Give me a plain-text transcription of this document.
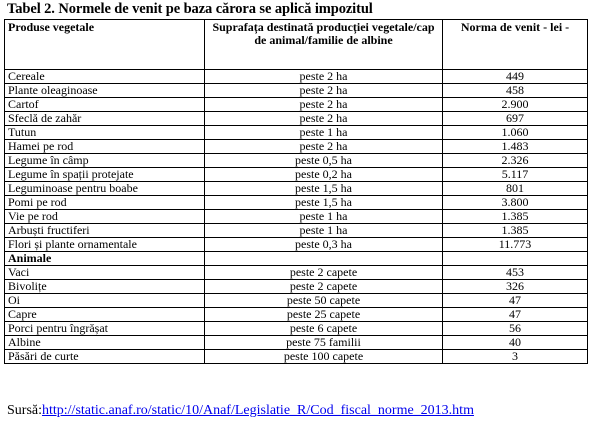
Tabel 2. Normele de venit pe baza cărora se aplică impozitul
Produse vegetale	Suprafața destinată producției vegetale/cap de animal/familie de albine	Norma de venit - lei -
Cereale	peste 2 ha	449
Plante oleaginoase	peste 2 ha	458
Cartof	peste 2 ha	2.900
Sfeclă de zahăr	peste 2 ha	697
Tutun	peste 1 ha	1.060
Hamei pe rod	peste 2 ha	1.483
Legume în câmp	peste 0,5 ha	2.326
Legume în spații protejate	peste 0,2 ha	5.117
Leguminoase pentru boabe	peste 1,5 ha	801
Pomi pe rod	peste 1,5 ha	3.800
Vie pe rod	peste 1 ha	1.385
Arbuști fructiferi	peste 1 ha	1.385
Flori și plante ornamentale	peste 0,3 ha	11.773
Animale		
Vaci	peste 2 capete	453
Bivolițe	peste 2 capete	326
Oi	peste 50 capete	47
Capre	peste 25 capete	47
Porci pentru îngrășat	peste 6 capete	56
Albine	peste 75 familii	40
Păsări de curte	peste 100 capete	3
Sursă:http://static.anaf.ro/static/10/Anaf/Legislatie_R/Cod_fiscal_norme_2013.htm
